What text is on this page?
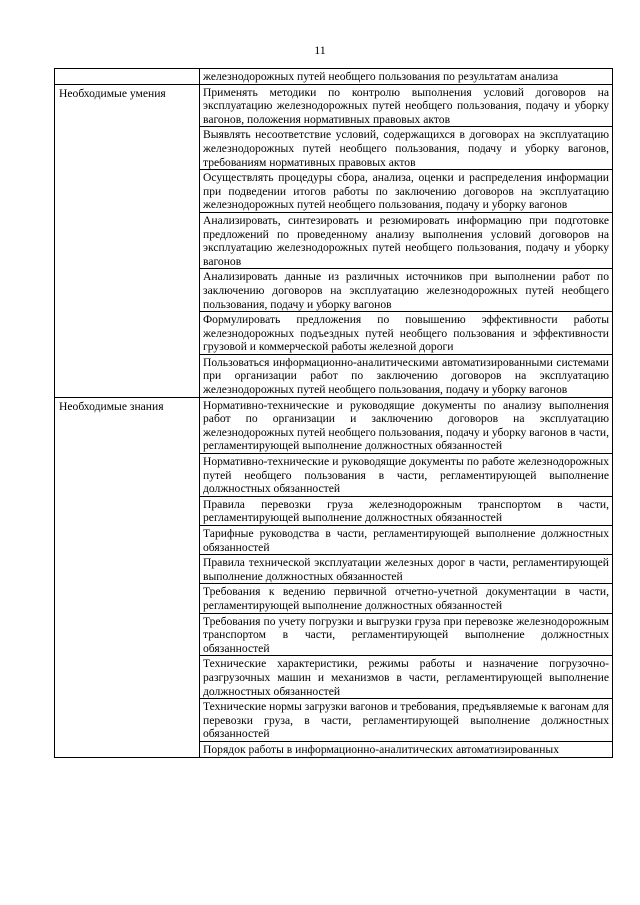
11
	железнодорожных путей необщего пользования по результатам анализа
Необходимые умения	Применять методики по контролю выполнения условий договоров на эксплуатацию железнодорожных путей необщего пользования, подачу и уборку вагонов, положения нормативных правовых актов
	Выявлять несоответствие условий, содержащихся в договорах на эксплуатацию железнодорожных путей необщего пользования, подачу и уборку вагонов, требованиям нормативных правовых актов
	Осуществлять процедуры сбора, анализа, оценки и распределения информации при подведении итогов работы по заключению договоров на эксплуатацию железнодорожных путей необщего пользования, подачу и уборку вагонов
	Анализировать, синтезировать и резюмировать информацию при подготовке предложений по проведенному анализу выполнения условий договоров на эксплуатацию железнодорожных путей необщего пользования, подачу и уборку вагонов
	Анализировать данные из различных источников при выполнении работ по заключению договоров на эксплуатацию железнодорожных путей необщего пользования, подачу и уборку вагонов
	Формулировать предложения по повышению эффективности работы железнодорожных подъездных путей необщего пользования и эффективности грузовой и коммерческой работы железной дороги
	Пользоваться информационно-аналитическими автоматизированными системами при организации работ по заключению договоров на эксплуатацию железнодорожных путей необщего пользования, подачу и уборку вагонов
Необходимые знания	Нормативно-технические и руководящие документы по анализу выполнения работ по организации и заключению договоров на эксплуатацию железнодорожных путей необщего пользования, подачу и уборку вагонов в части, регламентирующей выполнение должностных обязанностей
	Нормативно-технические и руководящие документы по работе железнодорожных путей необщего пользования в части, регламентирующей выполнение должностных обязанностей
	Правила перевозки груза железнодорожным транспортом в части, регламентирующей выполнение должностных обязанностей
	Тарифные руководства в части, регламентирующей выполнение должностных обязанностей
	Правила технической эксплуатации железных дорог в части, регламентирующей выполнение должностных обязанностей
	Требования к ведению первичной отчетно-учетной документации в части, регламентирующей выполнение должностных обязанностей
	Требования по учету погрузки и выгрузки груза при перевозке железнодорожным транспортом в части, регламентирующей выполнение должностных обязанностей
	Технические характеристики, режимы работы и назначение погрузочно-разгрузочных машин и механизмов в части, регламентирующей выполнение должностных обязанностей
	Технические нормы загрузки вагонов и требования, предъявляемые к вагонам для перевозки груза, в части, регламентирующей выполнение должностных обязанностей
	Порядок работы в информационно-аналитических автоматизированных
